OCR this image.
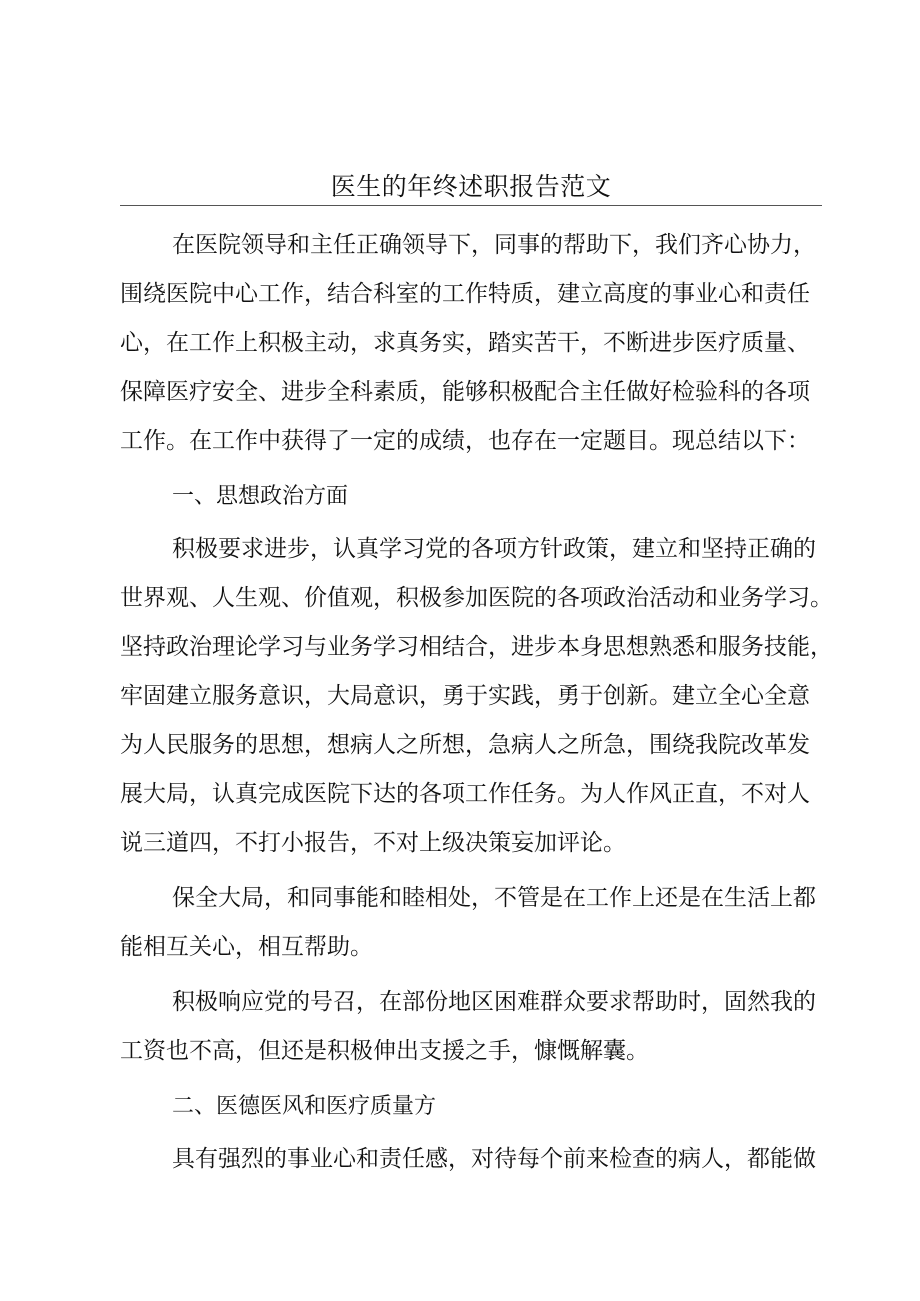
医生的年终述职报告范文

在医院领导和主任正确领导下，同事的帮助下，我们齐心协力，
围绕医院中心工作，结合科室的工作特质，建立高度的事业心和责任
心，在工作上积极主动，求真务实，踏实苦干，不断进步医疗质量、
保障医疗安全、进步全科素质，能够积极配合主任做好检验科的各项
工作。在工作中获得了一定的成绩，也存在一定题目。现总结以下：

一、思想政治方面

积极要求进步，认真学习党的各项方针政策，建立和坚持正确的
世界观、人生观、价值观，积极参加医院的各项政治活动和业务学习。
坚持政治理论学习与业务学习相结合，进步本身思想熟悉和服务技能，
牢固建立服务意识，大局意识，勇于实践，勇于创新。建立全心全意
为人民服务的思想，想病人之所想，急病人之所急，围绕我院改革发
展大局，认真完成医院下达的各项工作任务。为人作风正直，不对人
说三道四，不打小报告，不对上级决策妄加评论。

保全大局，和同事能和睦相处，不管是在工作上还是在生活上都
能相互关心，相互帮助。

积极响应党的号召，在部份地区困难群众要求帮助时，固然我的
工资也不高，但还是积极伸出支援之手，慷慨解囊。

二、医德医风和医疗质量方

具有强烈的事业心和责任感，对待每个前来检查的病人，都能做
